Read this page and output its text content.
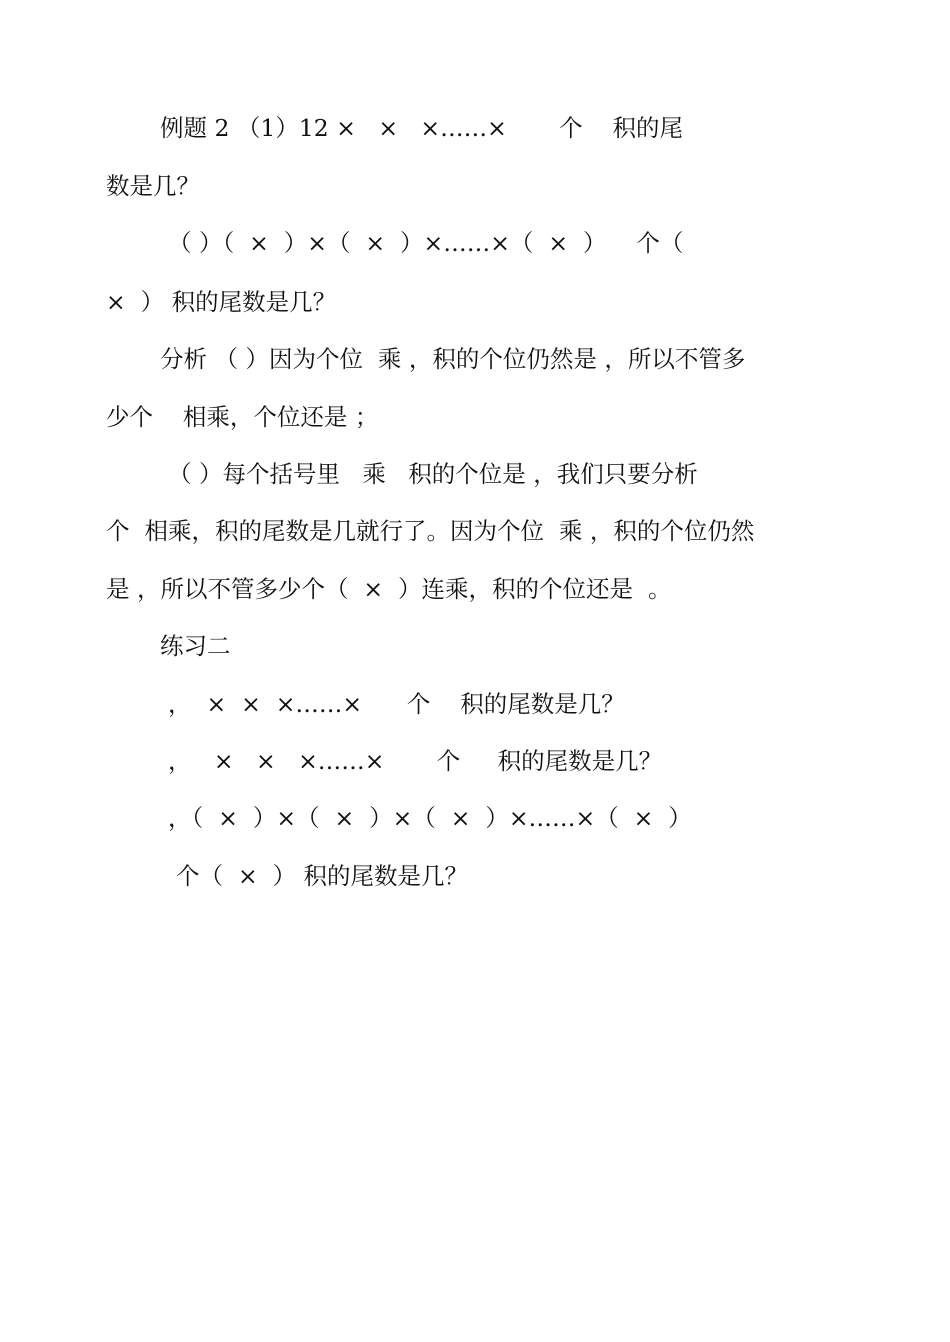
例题 2 （1）12 ×   ×   ×……×       个    积的尾

数是几？

（ ）（  ×  ）×（  ×  ）×……×（  ×  ）    个（

×  ） 积的尾数是几？

分析 （ ）因为个位  乘 ，积的个位仍然是 ，所以不管多

少个    相乘，个位还是 ；

（ ）每个括号里   乘   积的个位是 ，我们只要分析

个  相乘，积的尾数是几就行了。因为个位  乘 ，积的个位仍然

是 ，所以不管多少个（  ×  ）连乘，积的个位还是  。

练习二

，  ×  ×  ×……×      个    积的尾数是几？

，   ×   ×   ×……×       个     积的尾数是几？

，（  ×  ）×（  ×  ）×（  ×  ）×……×（  ×  ）

个（  ×  ） 积的尾数是几？
